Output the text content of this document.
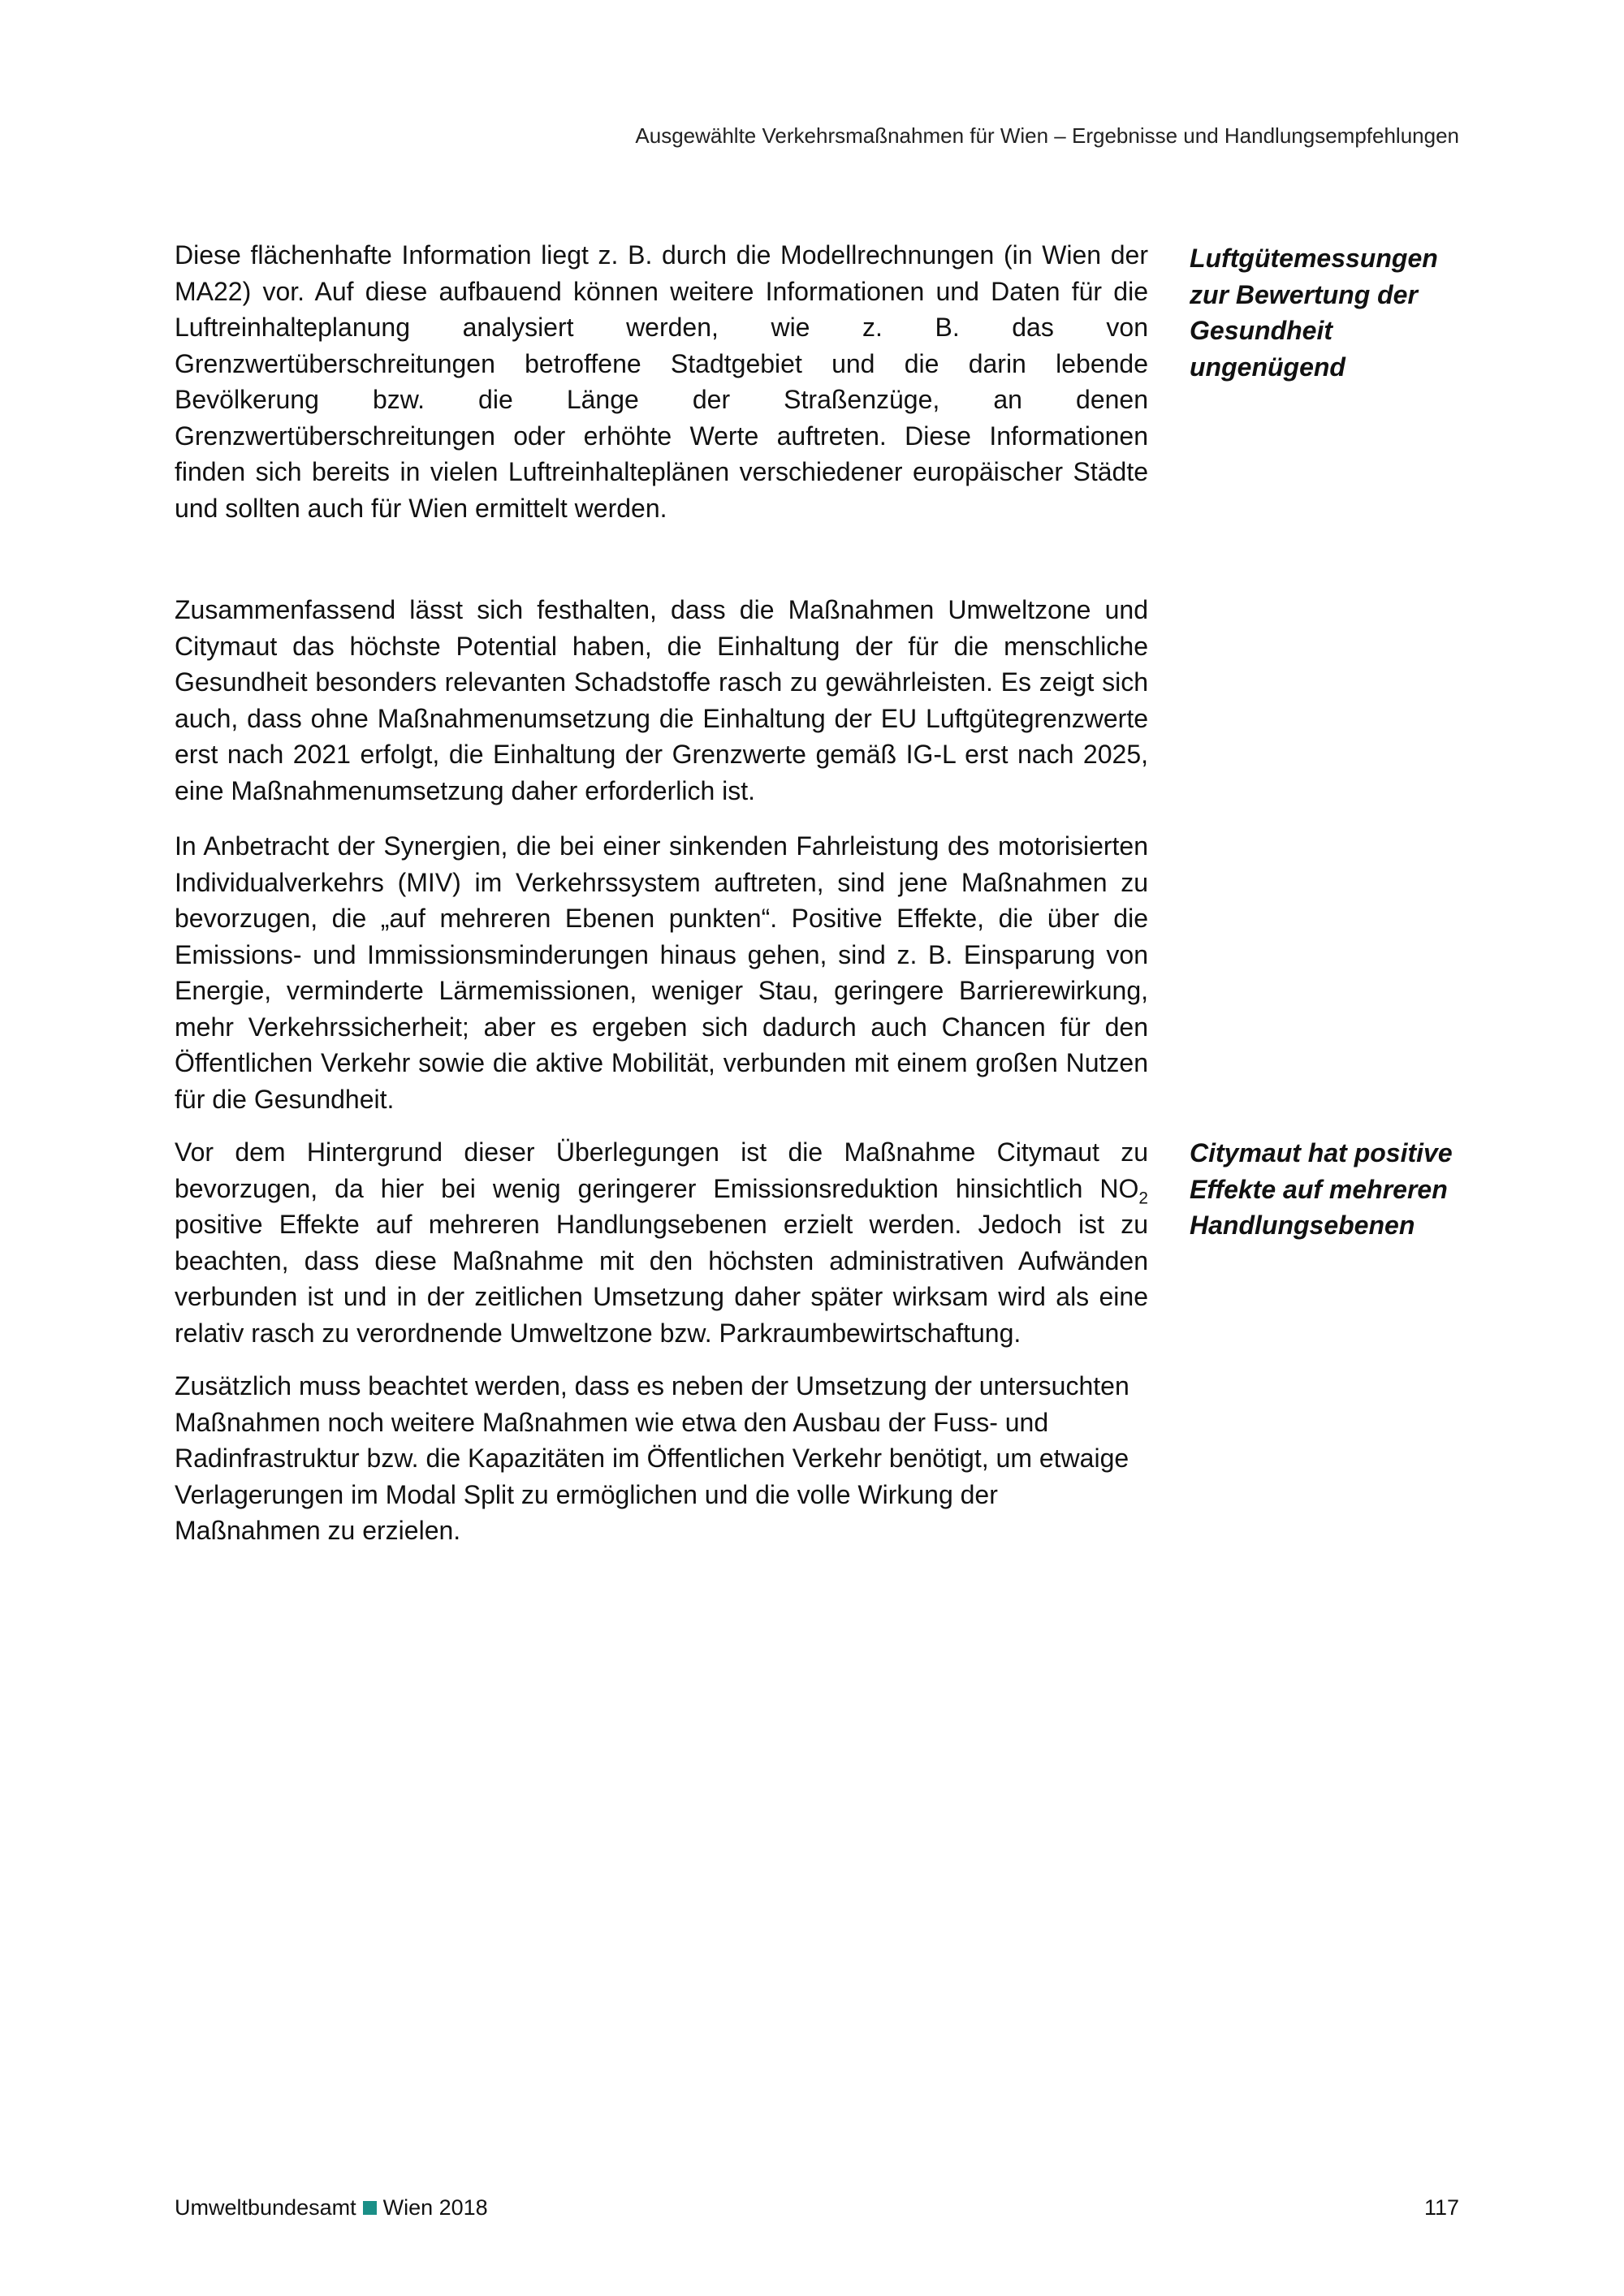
Ausgewählte Verkehrsmaßnahmen für Wien – Ergebnisse und Handlungsempfehlungen

Diese flächenhafte Information liegt z. B. durch die Modellrechnungen (in Wien der MA22) vor. Auf diese aufbauend können weitere Informationen und Daten für die Luftreinhalteplanung analysiert werden, wie z. B. das von Grenzwertüberschreitungen betroffene Stadtgebiet und die darin lebende Bevölkerung bzw. die Länge der Straßenzüge, an denen Grenzwertüberschreitungen oder erhöhte Werte auftreten. Diese Informationen finden sich bereits in vielen Luftreinhalteplänen verschiedener europäischer Städte und sollten auch für Wien ermittelt werden.

Luftgütemessungen zur Bewertung der Gesundheit ungenügend

Zusammenfassend lässt sich festhalten, dass die Maßnahmen Umweltzone und Citymaut das höchste Potential haben, die Einhaltung der für die menschliche Gesundheit besonders relevanten Schadstoffe rasch zu gewährleisten. Es zeigt sich auch, dass ohne Maßnahmenumsetzung die Einhaltung der EU Luftgütegrenzwerte erst nach 2021 erfolgt, die Einhaltung der Grenzwerte gemäß IG-L erst nach 2025, eine Maßnahmenumsetzung daher erforderlich ist.

In Anbetracht der Synergien, die bei einer sinkenden Fahrleistung des motorisierten Individualverkehrs (MIV) im Verkehrssystem auftreten, sind jene Maßnahmen zu bevorzugen, die „auf mehreren Ebenen punkten“. Positive Effekte, die über die Emissions- und Immissionsminderungen hinaus gehen, sind z. B. Einsparung von Energie, verminderte Lärmemissionen, weniger Stau, geringere Barrierewirkung, mehr Verkehrssicherheit; aber es ergeben sich dadurch auch Chancen für den Öffentlichen Verkehr sowie die aktive Mobilität, verbunden mit einem großen Nutzen für die Gesundheit.

Vor dem Hintergrund dieser Überlegungen ist die Maßnahme Citymaut zu bevorzugen, da hier bei wenig geringerer Emissionsreduktion hinsichtlich $NO_2$ positive Effekte auf mehreren Handlungsebenen erzielt werden. Jedoch ist zu beachten, dass diese Maßnahme mit den höchsten administrativen Aufwänden verbunden ist und in der zeitlichen Umsetzung daher später wirksam wird als eine relativ rasch zu verordnende Umweltzone bzw. Parkraumbewirtschaftung.

Citymaut hat positive Effekte auf mehreren Handlungsebenen

Zusätzlich muss beachtet werden, dass es neben der Umsetzung der untersuchten Maßnahmen noch weitere Maßnahmen wie etwa den Ausbau der Fuss- und Radinfrastruktur bzw. die Kapazitäten im Öffentlichen Verkehr benötigt, um etwaige Verlagerungen im Modal Split zu ermöglichen und die volle Wirkung der Maßnahmen zu erzielen.

Umweltbundesamt Wien 2018	117
